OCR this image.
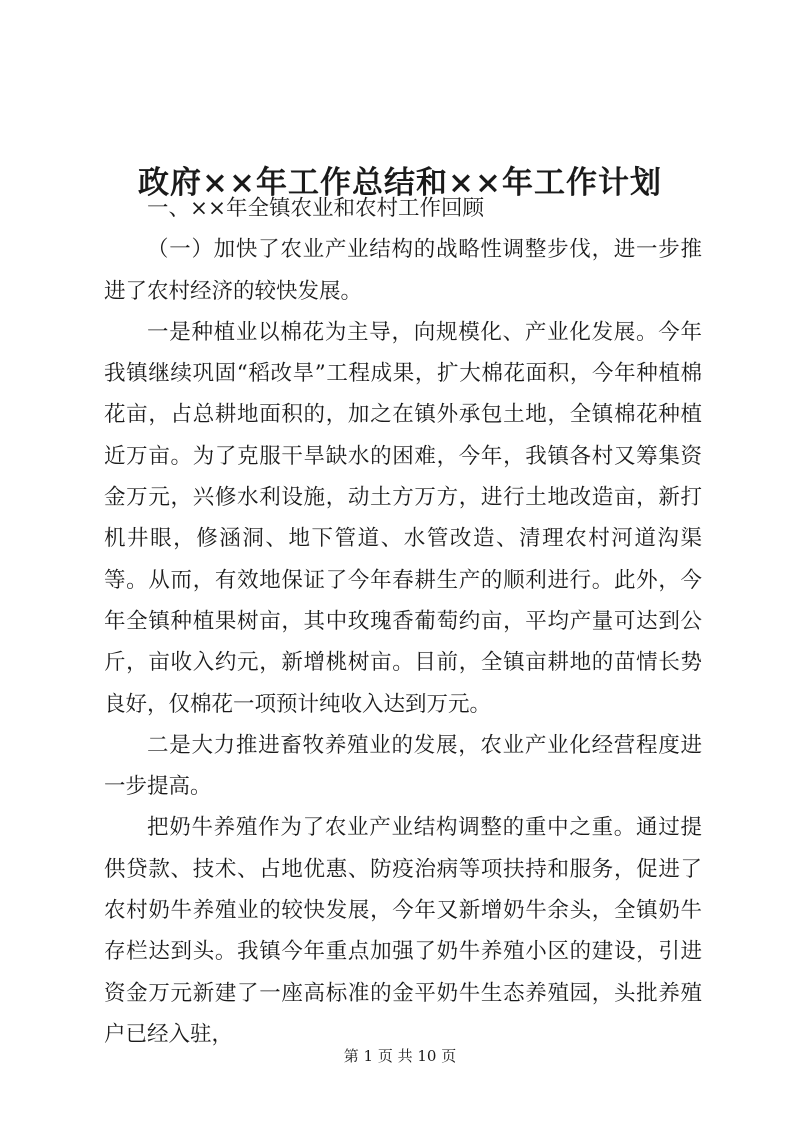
政府××年工作总结和××年工作计划

一、××年全镇农业和农村工作回顾

（一）加快了农业产业结构的战略性调整步伐，进一步推进了农村经济的较快发展。

一是种植业以棉花为主导，向规模化、产业化发展。今年我镇继续巩固“稻改旱”工程成果，扩大棉花面积，今年种植棉花亩，占总耕地面积的，加之在镇外承包土地，全镇棉花种植近万亩。为了克服干旱缺水的困难，今年，我镇各村又筹集资金万元，兴修水利设施，动土方万方，进行土地改造亩，新打机井眼，修涵洞、地下管道、水管改造、清理农村河道沟渠等。从而，有效地保证了今年春耕生产的顺利进行。此外，今年全镇种植果树亩，其中玫瑰香葡萄约亩，平均产量可达到公斤，亩收入约元，新增桃树亩。目前，全镇亩耕地的苗情长势良好，仅棉花一项预计纯收入达到万元。

二是大力推进畜牧养殖业的发展，农业产业化经营程度进一步提高。

把奶牛养殖作为了农业产业结构调整的重中之重。通过提供贷款、技术、占地优惠、防疫治病等项扶持和服务，促进了农村奶牛养殖业的较快发展，今年又新增奶牛余头，全镇奶牛存栏达到头。我镇今年重点加强了奶牛养殖小区的建设，引进资金万元新建了一座高标准的金平奶牛生态养殖园，头批养殖户已经入驻，

第 1 页 共 10 页
